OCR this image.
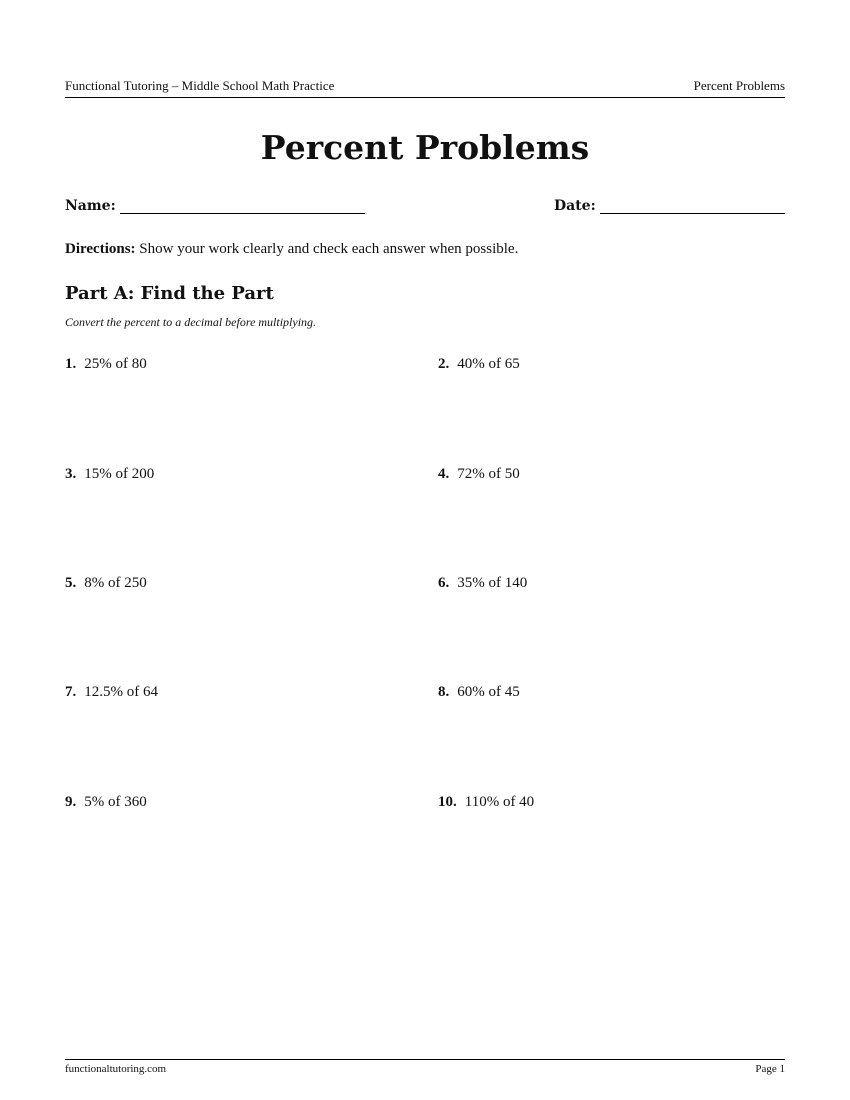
Functional Tutoring – Middle School Math Practice	Percent Problems
Percent Problems
Name:	Date:
Directions: Show your work clearly and check each answer when possible.
Part A: Find the Part
Convert the percent to a decimal before multiplying.
1. 25% of 80	2. 40% of 65
3. 15% of 200	4. 72% of 50
5. 8% of 250	6. 35% of 140
7. 12.5% of 64	8. 60% of 45
9. 5% of 360	10. 110% of 40
functionaltutoring.com	Page 1
